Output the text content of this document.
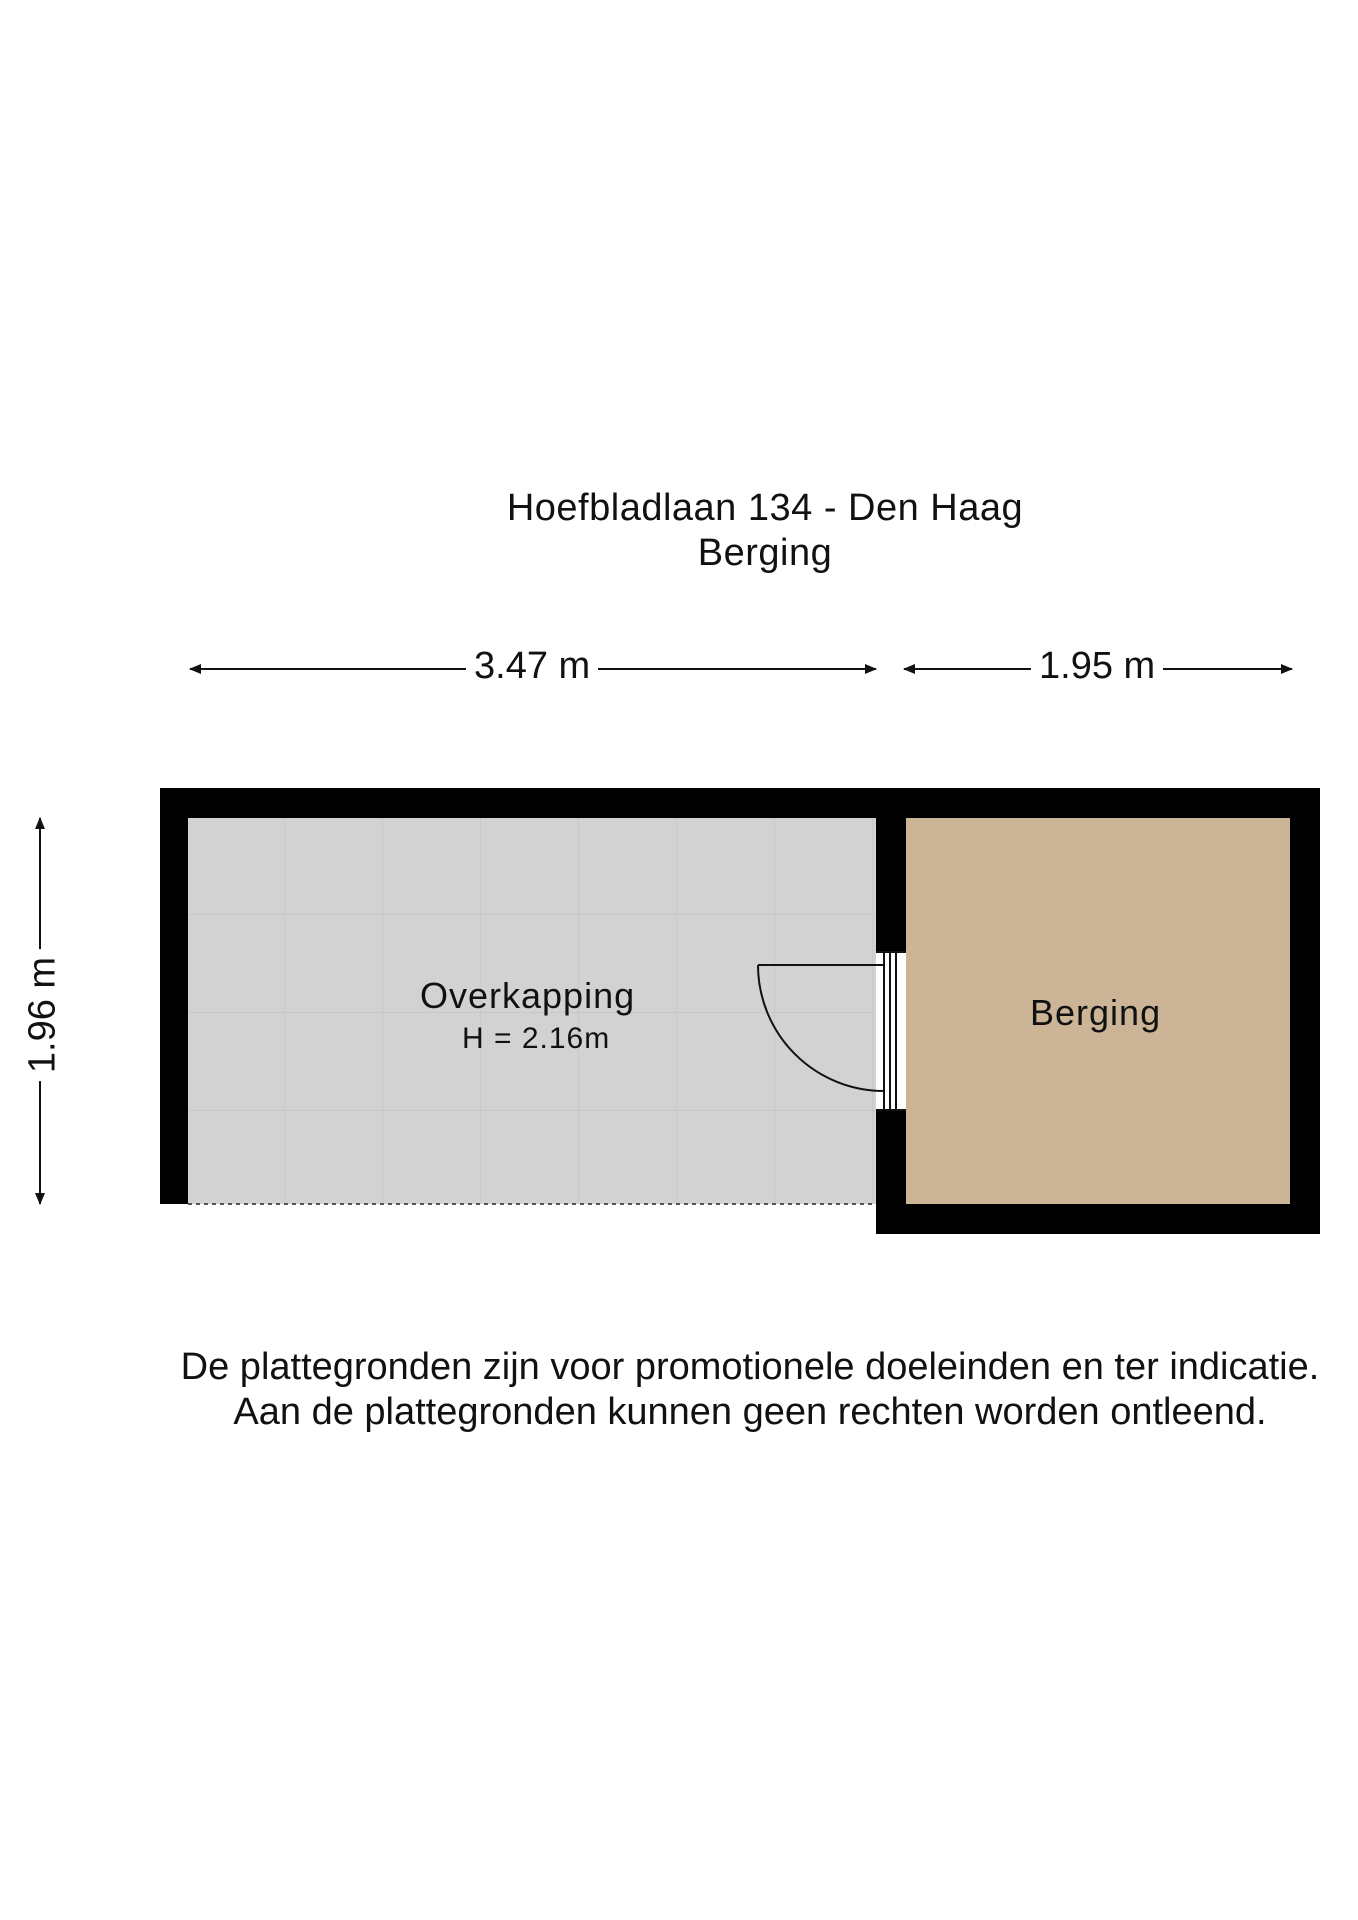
Hoefbladlaan 134 - Den Haag
Berging
3.47 m	1.95 m
1.96 m	Overkapping
H = 2.16m
Berging
De plattegronden zijn voor promotionele doeleinden en ter indicatie.
Aan de plattegronden kunnen geen rechten worden ontleend.
